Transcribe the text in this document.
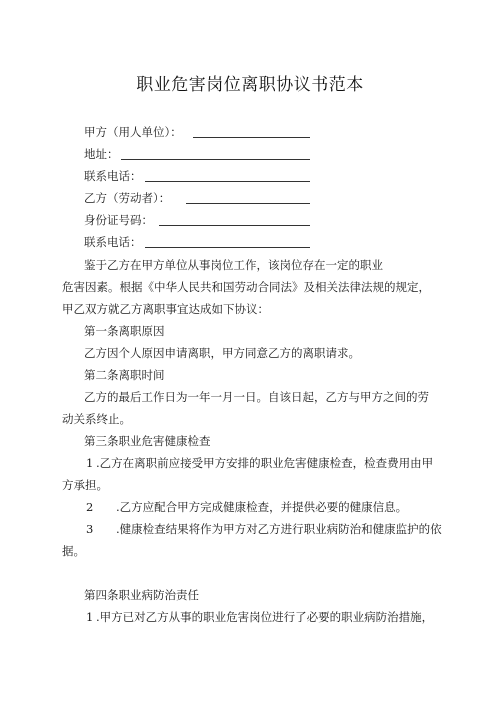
职业危害岗位离职协议书范本
甲方（用人单位）：
地址：
联系电话：
乙方（劳动者）：
身份证号码：
联系电话：
鉴于乙方在甲方单位从事岗位工作，该岗位存在一定的职业
危害因素。根据《中华人民共和国劳动合同法》及相关法律法规的规定，
甲乙双方就乙方离职事宜达成如下协议：
第一条离职原因
乙方因个人原因申请离职，甲方同意乙方的离职请求。
第二条离职时间
乙方的最后工作日为一年一月一日。自该日起，乙方与甲方之间的劳
动关系终止。
第三条职业危害健康检查
1 .乙方在离职前应接受甲方安排的职业危害健康检查，检查费用由甲
方承担。
2 .乙方应配合甲方完成健康检查，并提供必要的健康信息。
3 .健康检查结果将作为甲方对乙方进行职业病防治和健康监护的依
据。
第四条职业病防治责任
1 .甲方已对乙方从事的职业危害岗位进行了必要的职业病防治措施，
